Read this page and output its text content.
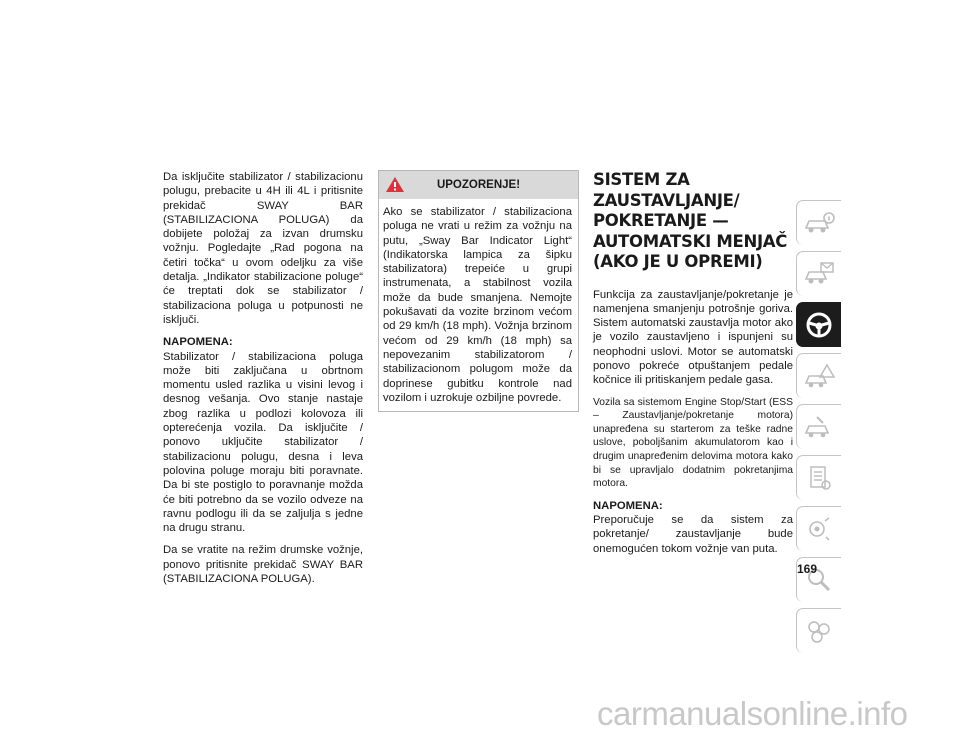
Da isključite stabilizator / stabilizacionu polugu, prebacite u 4H ili 4L i pritisnite prekidač SWAY BAR (STABILIZACIONA POLUGA) da dobijete položaj za izvan drumsku vožnju. Pogledajte „Rad pogona na četiri točka“ u ovom odeljku za više detalja. „Indikator stabilizacione poluge“ će treptati dok se stabilizator / stabilizaciona poluga u potpunosti ne isključi.

NAPOMENA:

Stabilizator / stabilizaciona poluga može biti zaključana u obrtnom momentu usled razlika u visini levog i desnog vešanja. Ovo stanje nastaje zbog razlika u podlozi kolovoza ili opterećenja vozila. Da isključite / ponovo uključite stabilizator / stabilizacionu polugu, desna i leva polovina poluge moraju biti poravnate. Da bi ste postiglo to poravnanje možda će biti potrebno da se vozilo odveze na ravnu podlogu ili da se zaljulja s jedne na drugu stranu.

Da se vratite na režim drumske vožnje, ponovo pritisnite prekidač SWAY BAR (STABILIZACIONA POLUGA).

UPOZORENJE!
Ako se stabilizator / stabilizaciona poluga ne vrati u režim za vožnju na putu, „Sway Bar Indicator Light“ (Indikatorska lampica za šipku stabilizatora) trepeiće u grupi instrumenata, a stabilnost vozila može da bude smanjena. Nemojte pokušavati da vozite brzinom većom od 29 km/h (18 mph). Vožnja brzinom većom od 29 km/h (18 mph) sa nepovezanim stabilizatorom / stabilizacionom polugom može da doprinese gubitku kontrole nad vozilom i uzrokuje ozbiljne povrede.
SISTEM ZA ZAUSTAVLJANJE/ POKRETANJE — AUTOMATSKI MENJAČ (AKO JE U OPREMI)

Funkcija za zaustavljanje/pokretanje je namenjena smanjenju potrošnje goriva. Sistem automatski zaustavlja motor ako je vozilo zaustavljeno i ispunjeni su neophodni uslovi. Motor se automatski ponovo pokreće otpuštanjem pedale kočnice ili pritiskanjem pedale gasa.

Vozila sa sistemom Engine Stop/Start (ESS – Zaustavljanje/pokretanje motora) unapređena su starterom za teške radne uslove, poboljšanim akumulatorom kao i drugim unapređenim delovima motora kako bi se upravljalo dodatnim pokretanjima motora.

NAPOMENA:

Preporučuje se da sistem za pokretanje/ zaustavljanje bude onemogućen tokom vožnje van puta.

169
carmanualsonline.info
